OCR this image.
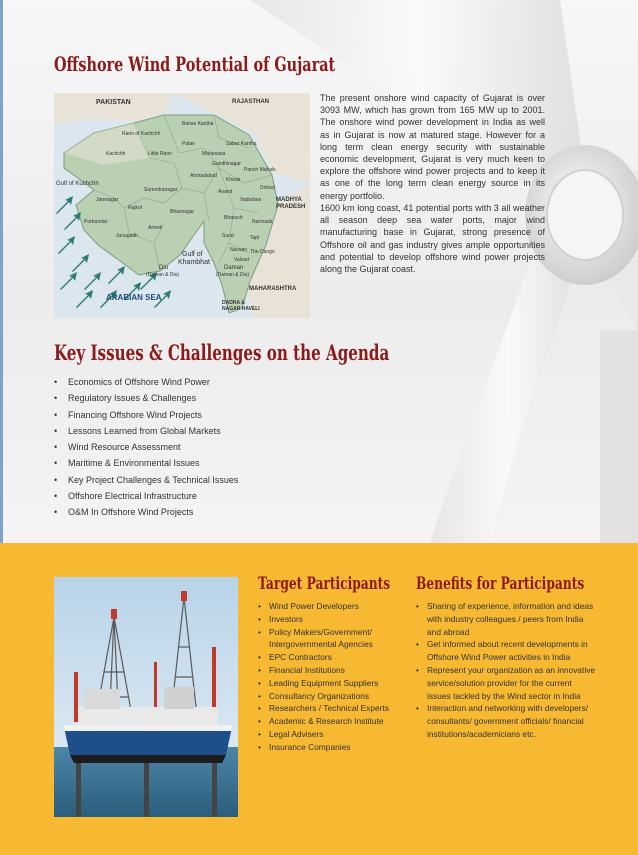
Offshore Wind Potential of Gujarat
PAKISTAN	RAJASTHAN
Gulf of Kuchchh
MADHYA
PRADESH
Gulf of
Khambhat
Diu
(Daman & Diu)
Daman
(Daman & Diu)
MAHARASHTRA
ARABIAN SEA
DADRA &
NAGAR HAVELI
Kachchh
Rann of Kachchh
Banas Kantha
Patan
Little Rann	Mahesana
Sabar Kantha
Gandhinagar
Ahmadabad
Kheda
Panch Mahals
Dohad
Anand
Vadodara
Surendranagar
Rajkot
Jamnagar
Porbandar
Junagadh
Amreli
Bhavnagar
Bharuch
Narmada
Surat	Tapi
Navsari The Dangs
Valsad

The present onshore wind capacity of Gujarat is over 3093 MW, which has grown from 165 MW up to 2001. The onshore wind power development in India as well as in Gujarat is now at matured stage. However for a long term clean energy security with sustainable economic development, Gujarat is very much keen to explore the offshore wind power projects and to keep it as one of the long term clean energy source in its energy portfolio.

1600 km long coast, 41 potential ports with 3 all weather all season deep sea water ports, major wind manufacturing base in Gujarat, strong presence of Offshore oil and gas industry gives ample opportunities and potential to develop offshore wind power projects along the Gujarat coast.

Key Issues & Challenges on the Agenda
• Economics of Offshore Wind Power
• Regulatory Issues & Challenges
• Financing Offshore Wind Projects
• Lessons Learned from Global Markets
• Wind Resource Assessment
• Maritime & Environmental Issues
• Key Project Challenges & Technical Issues
• Offshore Electrical Infrastructure
• O&M In Offshore Wind Projects
Target Participants
• Wind Power Developers
• Investors
• Policy Makers/Government/ Intergovernmental Agencies
• EPC Contractors
• Financial Institutions
• Leading Equipment Suppliers
• Consultancy Organizations
• Researchers / Technical Experts
• Academic & Research Institute
• Legal Advisers
• Insurance Companies
Benefits for Participants
• Sharing of experience, information and ideas with industry colleagues / peers from India and abroad
• Get informed about recent developments in Offshore Wind Power activities in India
• Represent your organization as an innovative service/solution provider for the current issues tackled by the Wind sector in India
• Interaction and networking with developers/ consultants/ government officials/ financial institutions/academicians etc.
